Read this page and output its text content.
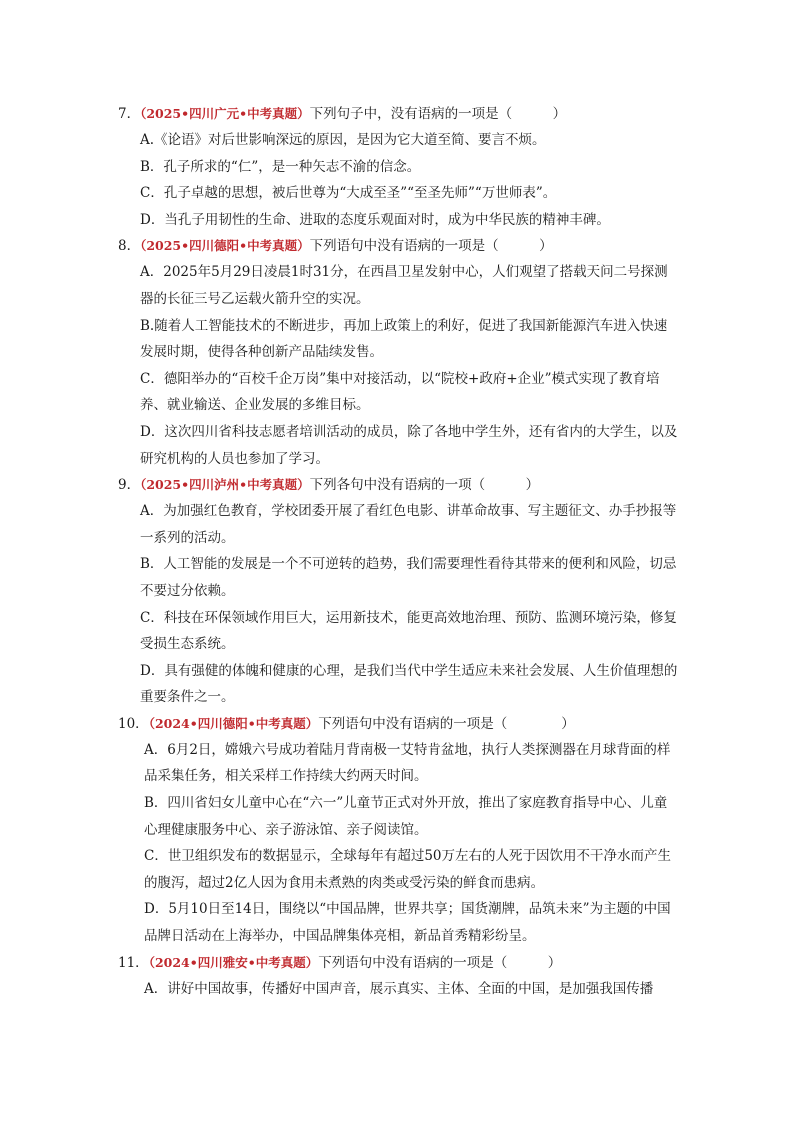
7．（2025•四川广元•中考真题）下列句子中，没有语病的一项是（　　　）
A.《论语》对后世影响深远的原因，是因为它大道至简、要言不烦。
B．孔子所求的“仁”，是一种矢志不渝的信念。
C．孔子卓越的思想，被后世尊为“大成至圣”“至圣先师”“万世师表”。
D．当孔子用韧性的生命、进取的态度乐观面对时，成为中华民族的精神丰碑。
8．（2025•四川德阳•中考真题）下列语句中没有语病的一项是（　　　）
A．2025年5月29日凌晨1时31分，在西昌卫星发射中心，人们观望了搭载天问二号探测器的长征三号乙运载火箭升空的实况。
B.随着人工智能技术的不断进步，再加上政策上的利好，促进了我国新能源汽车进入快速发展时期，使得各种创新产品陆续发售。
C．德阳举办的“百校千企万岗”集中对接活动，以“院校+政府+企业”模式实现了教育培养、就业输送、企业发展的多维目标。
D．这次四川省科技志愿者培训活动的成员，除了各地中学生外，还有省内的大学生，以及研究机构的人员也参加了学习。
9．（2025•四川泸州•中考真题）下列各句中没有语病的一项（　　　）
A．为加强红色教育，学校团委开展了看红色电影、讲革命故事、写主题征文、办手抄报等一系列的活动。
B．人工智能的发展是一个不可逆转的趋势，我们需要理性看待其带来的便利和风险，切忌不要过分依赖。
C．科技在环保领域作用巨大，运用新技术，能更高效地治理、预防、监测环境污染，修复受损生态系统。
D．具有强健的体魄和健康的心理，是我们当代中学生适应未来社会发展、人生价值理想的重要条件之一。
10．（2024•四川德阳•中考真题）下列语句中没有语病的一项是（　　　　）
A．6月2日，嫦娥六号成功着陆月背南极一艾特肯盆地，执行人类探测器在月球背面的样品采集任务，相关采样工作持续大约两天时间。
B．四川省妇女儿童中心在“六一”儿童节正式对外开放，推出了家庭教育指导中心、儿童心理健康服务中心、亲子游泳馆、亲子阅读馆。
C．世卫组织发布的数据显示，全球每年有超过50万左右的人死于因饮用不干净水而产生的腹泻，超过2亿人因为食用未煮熟的肉类或受污染的鲜食而患病。
D．5月10日至14日，围绕以“中国品牌，世界共享；国货潮牌，品筑未来”为主题的中国品牌日活动在上海举办，中国品牌集体亮相，新品首秀精彩纷呈。
11．（2024•四川雅安•中考真题）下列语句中没有语病的一项是（　　　）
A．讲好中国故事，传播好中国声音，展示真实、主体、全面的中国，是加强我国传播
